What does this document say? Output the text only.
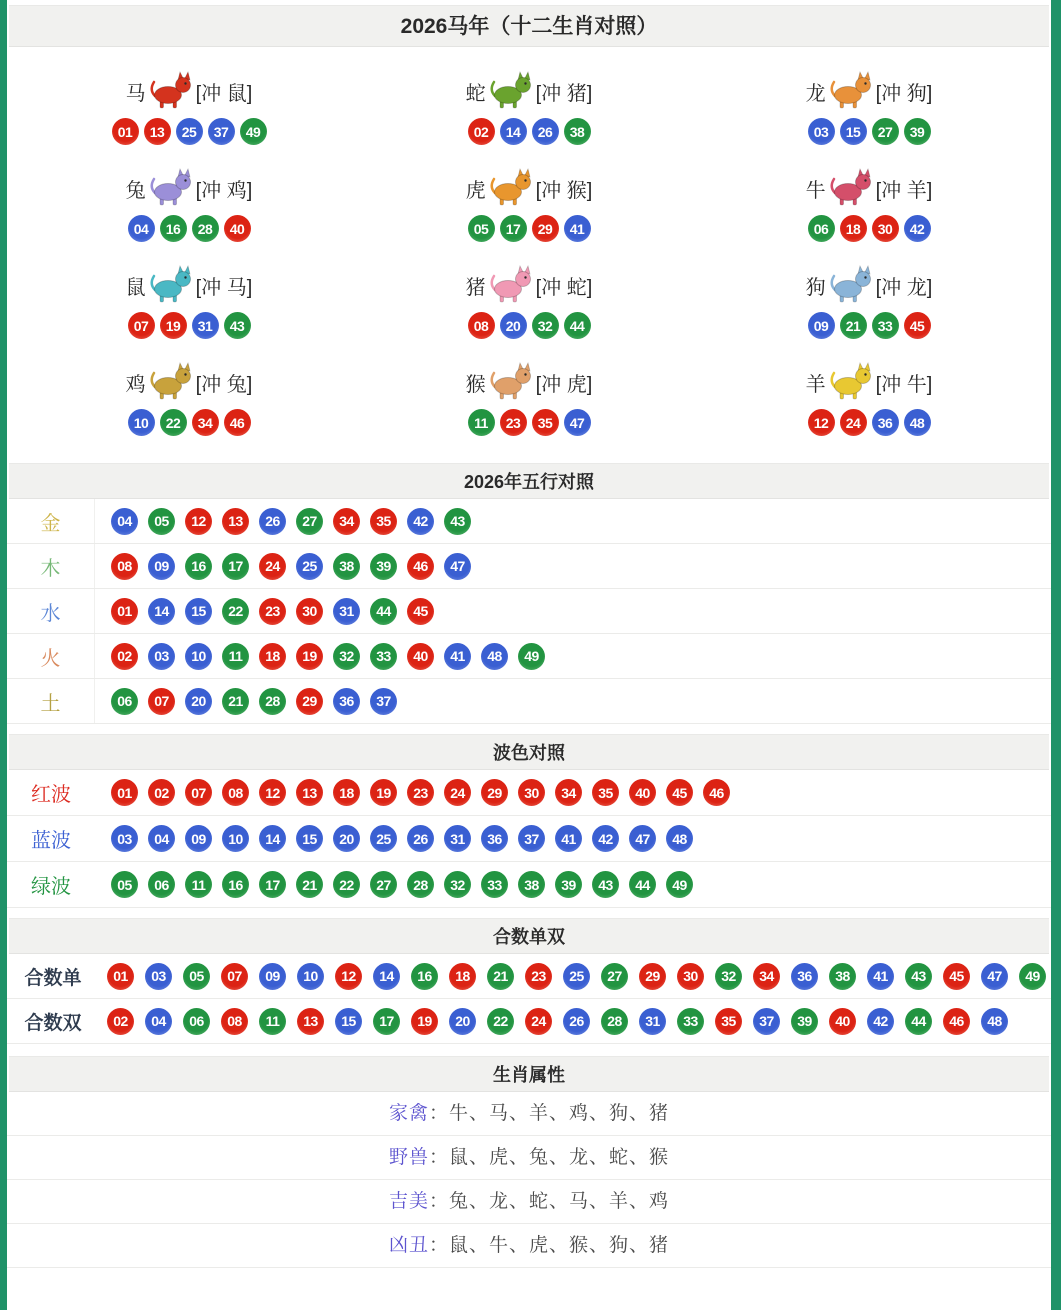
2026马年（十二生肖对照）
马	[冲 鼠]
01	13	25	37	49
蛇	[冲 猪]
02	14	26	38
龙	[冲 狗]
03	15	27	39
兔	[冲 鸡]
04	16	28	40
虎	[冲 猴]
05	17	29	41
牛	[冲 羊]
06	18	30	42
鼠	[冲 马]
07	19	31	43
猪	[冲 蛇]
08	20	32	44
狗	[冲 龙]
09	21	33	45
鸡	[冲 兔]
10	22	34	46
猴	[冲 虎]
11	23	35	47
羊	[冲 牛]
12	24	36	48
2026年五行对照
金	04	05	12	13	26	27	34	35	42	43
木	08	09	16	17	24	25	38	39	46	47
水	01	14	15	22	23	30	31	44	45
火	02	03	10	11	18	19	32	33	40	41	48	49
土	06	07	20	21	28	29	36	37
波色对照
红波	01	02	07	08	12	13	18	19	23	24	29	30	34	35	40	45	46
蓝波	03	04	09	10	14	15	20	25	26	31	36	37	41	42	47	48
绿波	05	06	11	16	17	21	22	27	28	32	33	38	39	43	44	49
合数单双
合数单	01	03	05	07	09	10	12	14	16	18	21	23	25	27	29	30	32	34	36	38	41	43	45	47	49
合数双	02	04	06	08	11	13	15	17	19	20	22	24	26	28	31	33	35	37	39	40	42	44	46	48
生肖属性
家禽：牛、马、羊、鸡、狗、猪
野兽：鼠、虎、兔、龙、蛇、猴
吉美：兔、龙、蛇、马、羊、鸡
凶丑：鼠、牛、虎、猴、狗、猪
